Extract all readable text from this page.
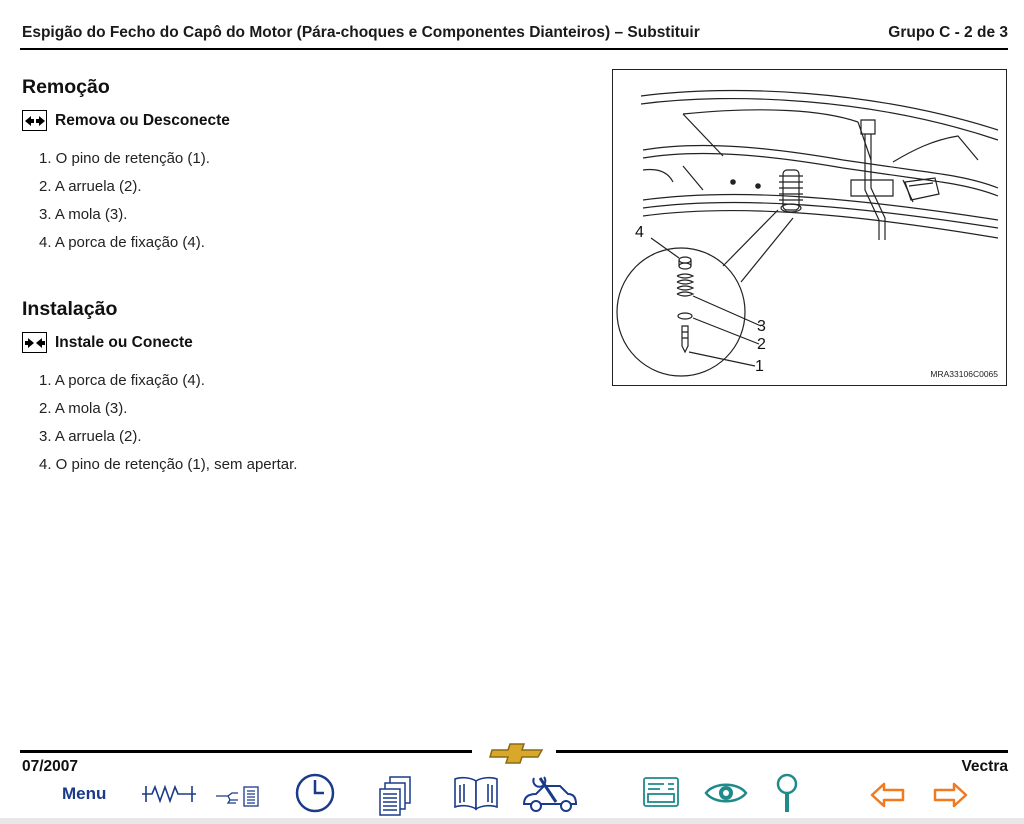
Espigão do Fecho do Capô do Motor (Pára-choques e Componentes Dianteiros) – Substituir	Grupo C - 2 de 3
Remoção
Remova ou Desconecte
1. O pino de retenção (1).
2. A arruela (2).
3. A mola (3).
4. A porca de fixação (4).
Instalação
Instale ou Conecte
1. A porca de fixação (4).
2. A mola (3).
3. A arruela (2).
4. O pino de retenção (1), sem apertar.
4
3
2
1	MRA33106C0065
07/2007	Vectra
Menu
